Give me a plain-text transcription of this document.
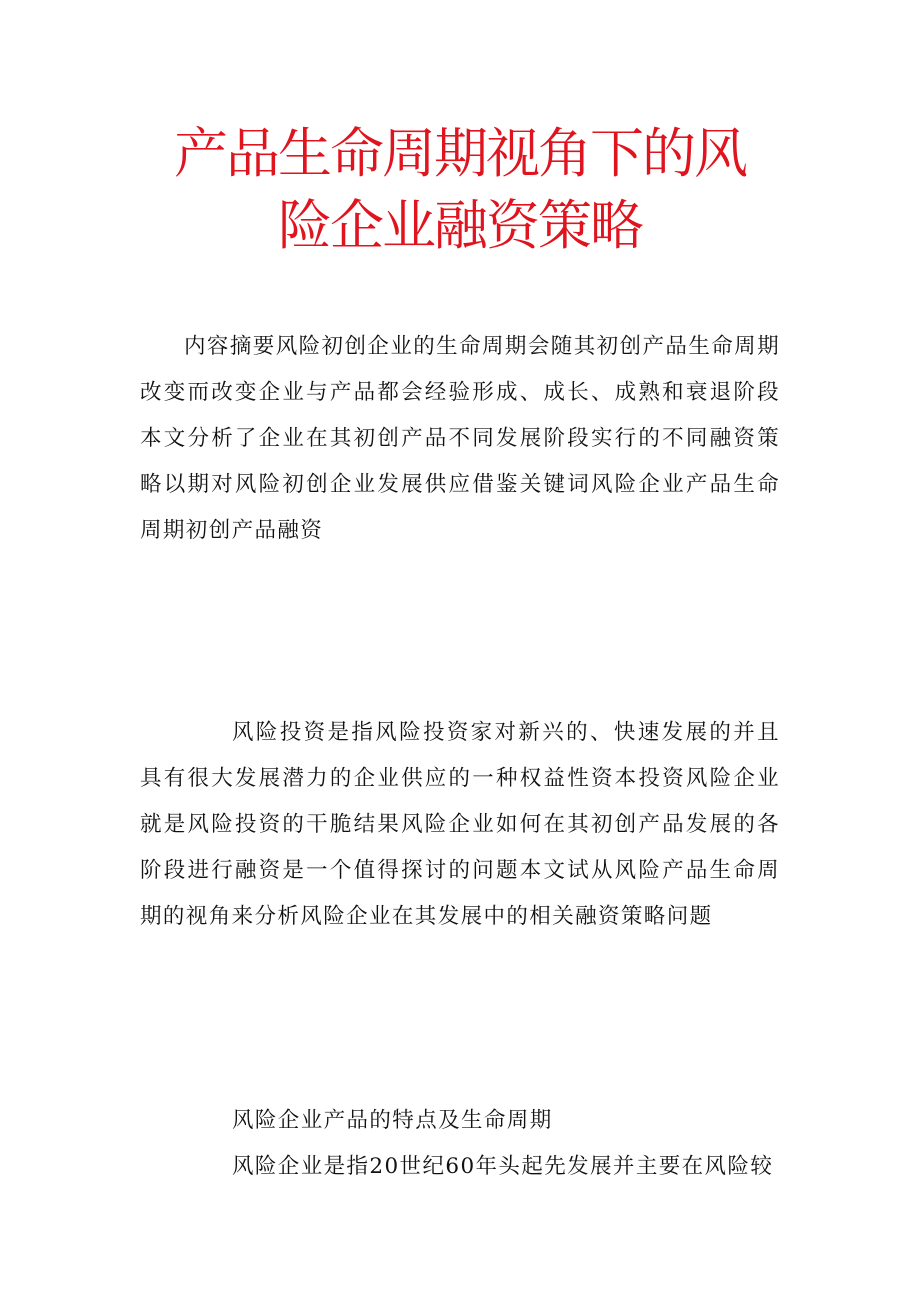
产品生命周期视角下的风
险企业融资策略

内容摘要风险初创企业的生命周期会随其初创产品生命周期改变而改变企业与产品都会经验形成、成长、成熟和衰退阶段本文分析了企业在其初创产品不同发展阶段实行的不同融资策略以期对风险初创企业发展供应借鉴关键词风险企业产品生命周期初创产品融资

风险投资是指风险投资家对新兴的、快速发展的并且具有很大发展潜力的企业供应的一种权益性资本投资风险企业就是风险投资的干脆结果风险企业如何在其初创产品发展的各阶段进行融资是一个值得探讨的问题本文试从风险产品生命周期的视角来分析风险企业在其发展中的相关融资策略问题

风险企业产品的特点及生命周期

风险企业是指20世纪60年头起先发展并主要在风险较
